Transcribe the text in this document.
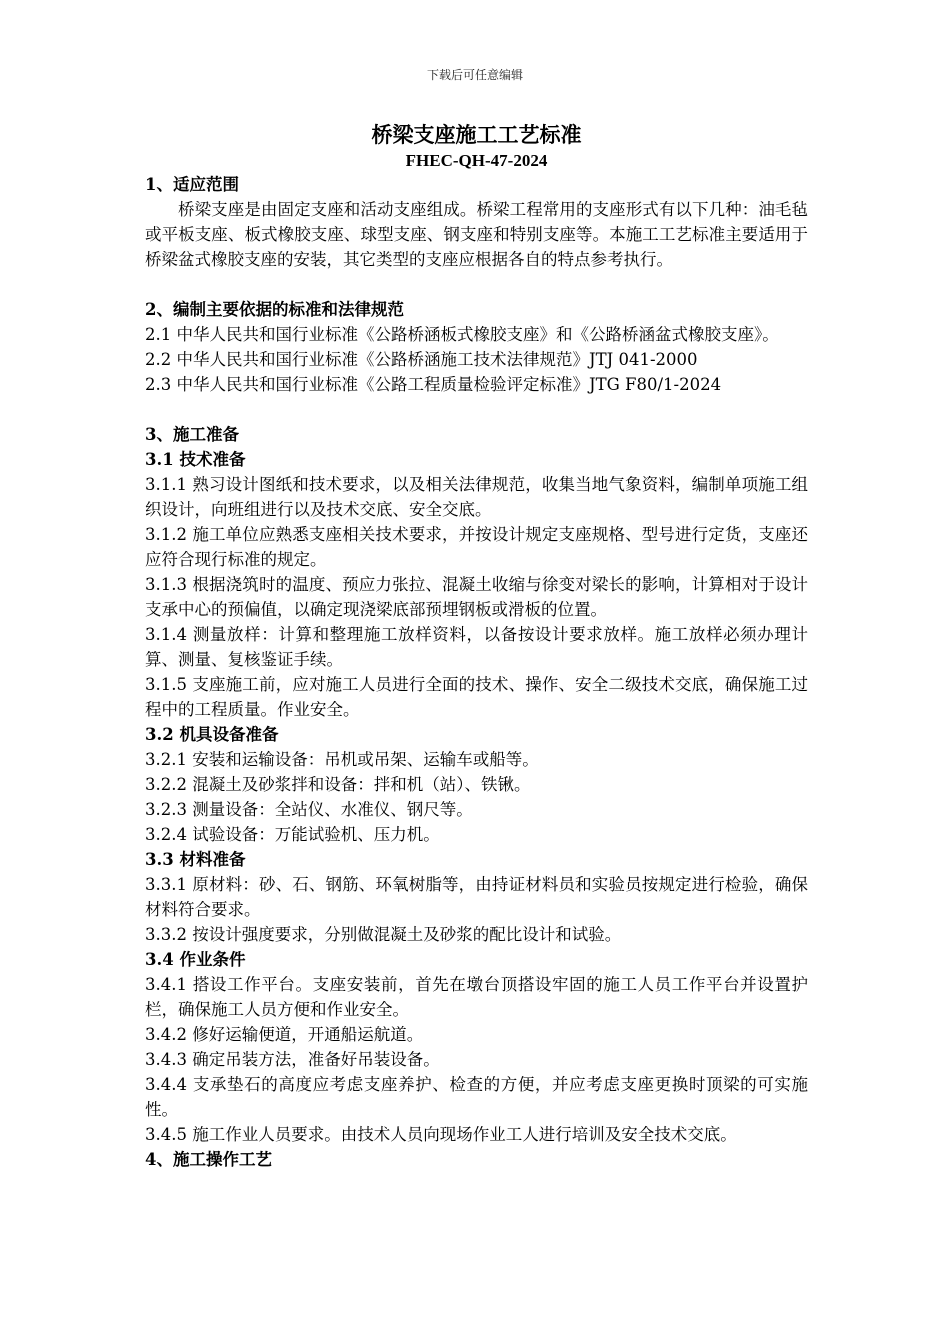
下载后可任意编辑
桥梁支座施工工艺标准
FHEC-QH-47-2024
1、适应范围
桥梁支座是由固定支座和活动支座组成。桥梁工程常用的支座形式有以下几种：油毛毡或平板支座、板式橡胶支座、球型支座、钢支座和特别支座等。本施工工艺标准主要适用于桥梁盆式橡胶支座的安装，其它类型的支座应根据各自的特点参考执行。
2、编制主要依据的标准和法律规范
2.1 中华人民共和国行业标准《公路桥涵板式橡胶支座》和《公路桥涵盆式橡胶支座》。
2.2 中华人民共和国行业标准《公路桥涵施工技术法律规范》JTJ 041-2000
2.3 中华人民共和国行业标准《公路工程质量检验评定标准》JTG F80/1-2024
3、施工准备
3.1 技术准备
3.1.1 熟习设计图纸和技术要求，以及相关法律规范，收集当地气象资料，编制单项施工组织设计，向班组进行以及技术交底、安全交底。
3.1.2 施工单位应熟悉支座相关技术要求，并按设计规定支座规格、型号进行定货，支座还应符合现行标准的规定。
3.1.3 根据浇筑时的温度、预应力张拉、混凝土收缩与徐变对梁长的影响，计算相对于设计支承中心的预偏值，以确定现浇梁底部预埋钢板或滑板的位置。
3.1.4 测量放样：计算和整理施工放样资料，以备按设计要求放样。施工放样必须办理计算、测量、复核鉴证手续。
3.1.5 支座施工前，应对施工人员进行全面的技术、操作、安全二级技术交底，确保施工过程中的工程质量。作业安全。
3.2 机具设备准备
3.2.1 安装和运输设备：吊机或吊架、运输车或船等。
3.2.2 混凝土及砂浆拌和设备：拌和机（站）、铁锹。
3.2.3 测量设备：全站仪、水准仪、钢尺等。
3.2.4 试验设备：万能试验机、压力机。
3.3 材料准备
3.3.1 原材料：砂、石、钢筋、环氧树脂等，由持证材料员和实验员按规定进行检验，确保材料符合要求。
3.3.2 按设计强度要求，分别做混凝土及砂浆的配比设计和试验。
3.4 作业条件
3.4.1 搭设工作平台。支座安装前，首先在墩台顶搭设牢固的施工人员工作平台并设置护栏，确保施工人员方便和作业安全。
3.4.2 修好运输便道，开通船运航道。
3.4.3 确定吊装方法，准备好吊装设备。
3.4.4 支承垫石的高度应考虑支座养护、检查的方便，并应考虑支座更换时顶梁的可实施性。
3.4.5 施工作业人员要求。由技术人员向现场作业工人进行培训及安全技术交底。
4、施工操作工艺
